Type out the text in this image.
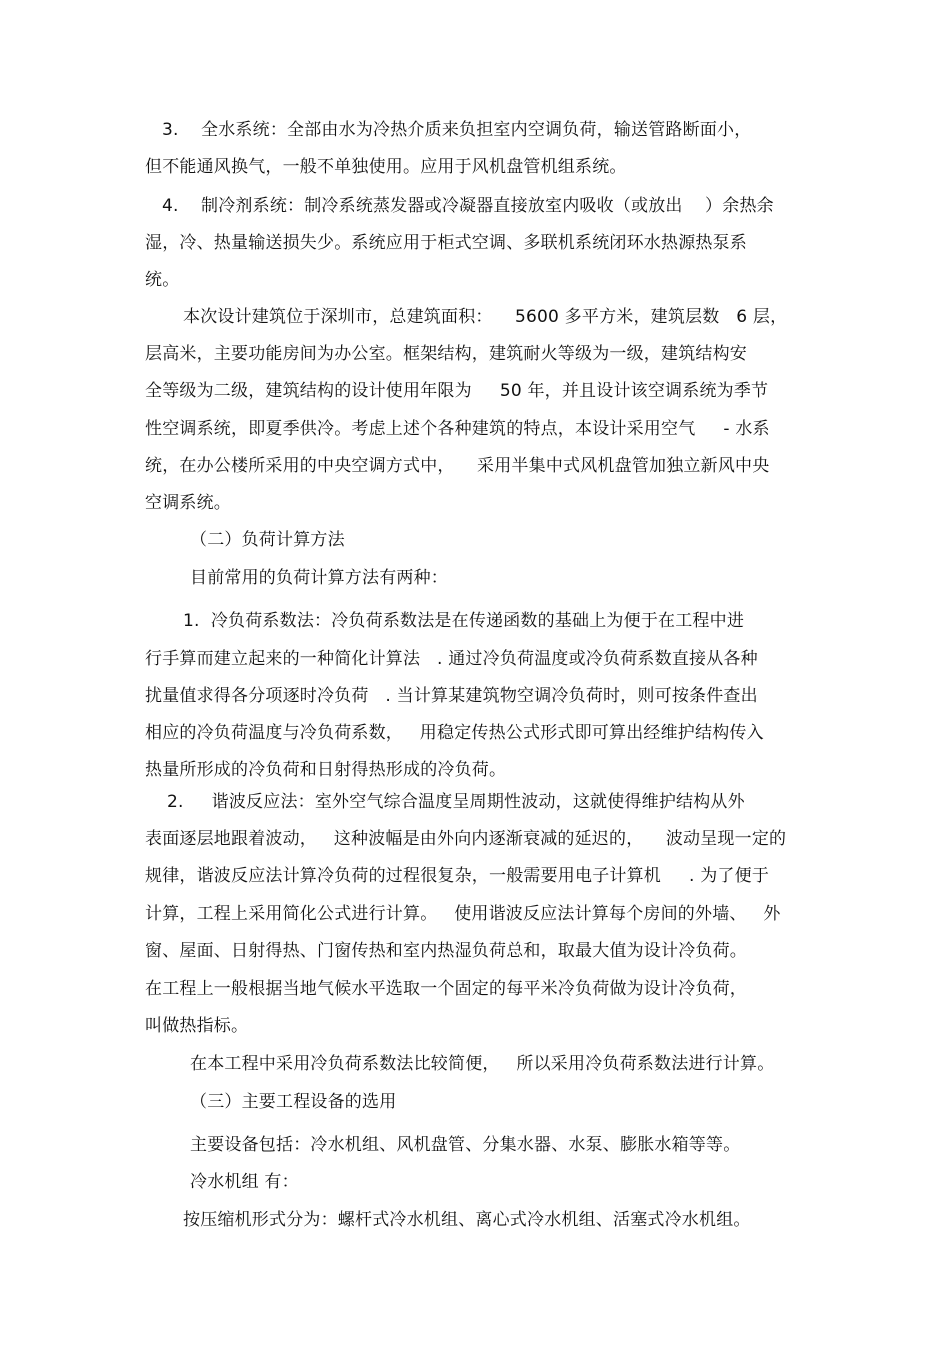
3.    全水系统：全部由水为冷热介质来负担室内空调负荷，输送管路断面小，
但不能通风换气，一般不单独使用。应用于风机盘管机组系统。
4.    制冷剂系统：制冷系统蒸发器或冷凝器直接放室内吸收（或放出    ）余热余
湿，冷、热量输送损失少。系统应用于柜式空调、多联机系统闭环水热源热泵系
统。
本次设计建筑位于深圳市，总建筑面积：    5600 多平方米，建筑层数   6 层，
层高米，主要功能房间为办公室。框架结构，建筑耐火等级为一级，建筑结构安
全等级为二级，建筑结构的设计使用年限为     50 年，并且设计该空调系统为季节
性空调系统，即夏季供冷。考虑上述个各种建筑的特点，本设计采用空气     - 水系
统，在办公楼所采用的中央空调方式中，    采用半集中式风机盘管加独立新风中央
空调系统。
（二）负荷计算方法
目前常用的负荷计算方法有两种：
1.  冷负荷系数法：冷负荷系数法是在传递函数的基础上为便于在工程中进
行手算而建立起来的一种简化计算法   . 通过冷负荷温度或冷负荷系数直接从各种
扰量值求得各分项逐时冷负荷   . 当计算某建筑物空调冷负荷时，则可按条件查出
相应的冷负荷温度与冷负荷系数，   用稳定传热公式形式即可算出经维护结构传入
热量所形成的冷负荷和日射得热形成的冷负荷。
2.     谐波反应法：室外空气综合温度呈周期性波动，这就使得维护结构从外
表面逐层地跟着波动，   这种波幅是由外向内逐渐衰减的延迟的，    波动呈现一定的
规律，谐波反应法计算冷负荷的过程很复杂，一般需要用电子计算机     . 为了便于
计算，工程上采用简化公式进行计算。   使用谐波反应法计算每个房间的外墙、   外
窗、屋面、日射得热、门窗传热和室内热湿负荷总和，取最大值为设计冷负荷。
在工程上一般根据当地气候水平选取一个固定的每平米冷负荷做为设计冷负荷，
叫做热指标。
在本工程中采用冷负荷系数法比较简便，   所以采用冷负荷系数法进行计算。
（三）主要工程设备的选用
主要设备包括：冷水机组、风机盘管、分集水器、水泵、膨胀水箱等等。
冷水机组 有：
按压缩机形式分为：螺杆式冷水机组、离心式冷水机组、活塞式冷水机组。
